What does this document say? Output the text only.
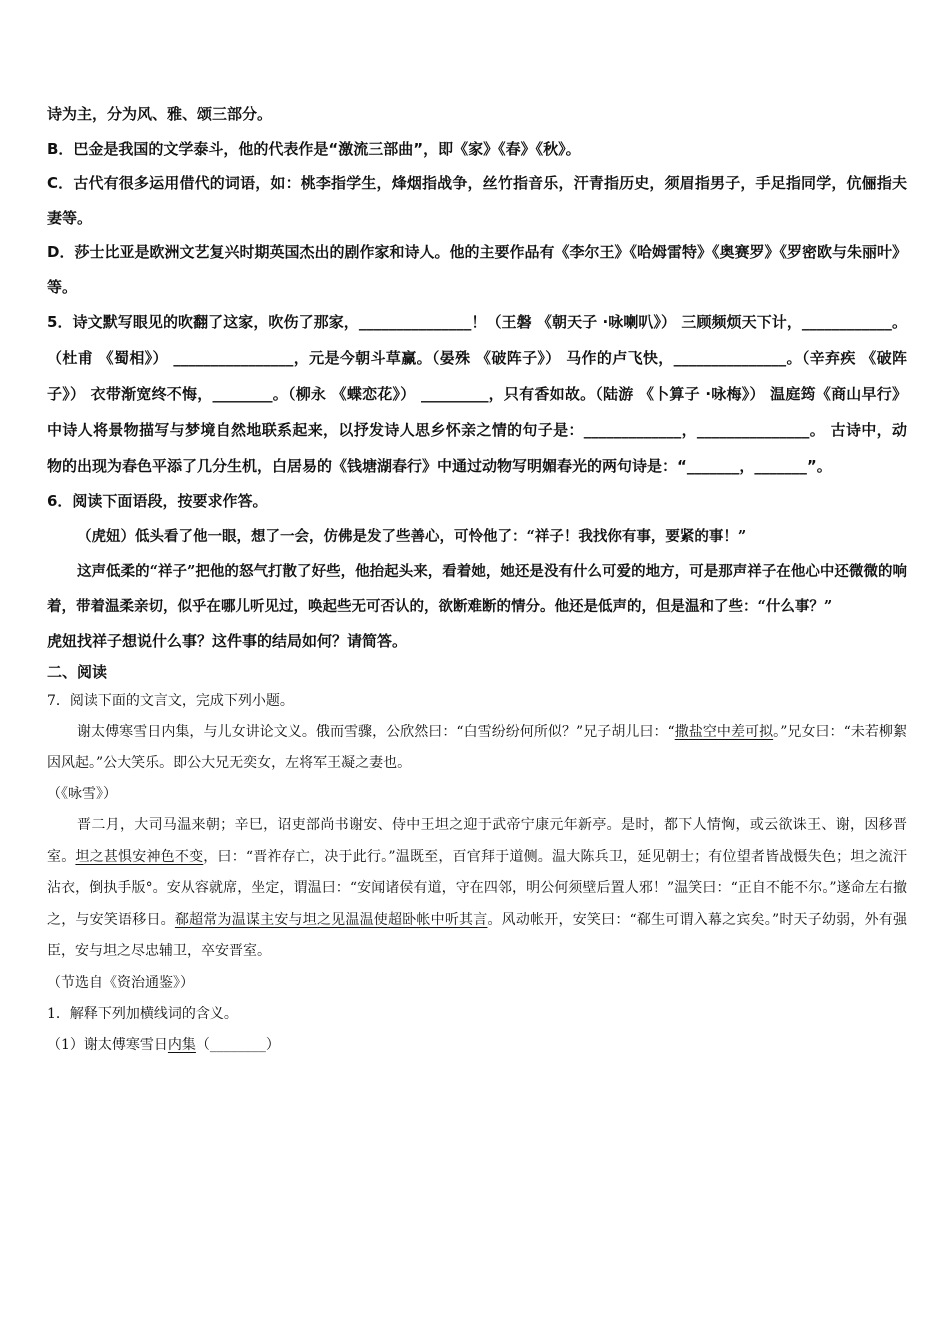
诗为主，分为风、雅、颂三部分。

B．巴金是我国的文学泰斗，他的代表作是“激流三部曲”，即《家》《春》《秋》。

C．古代有很多运用借代的词语，如：桃李指学生，烽烟指战争，丝竹指音乐，汗青指历史，须眉指男子，手足指同学，伉俪指夫妻等。

D．莎士比亚是欧洲文艺复兴时期英国杰出的剧作家和诗人。他的主要作品有《李尔王》《哈姆雷特》《奥赛罗》《罗密欧与朱丽叶》等。

5．诗文默写眼见的吹翻了这家，吹伤了那家，_______________！（王磐 《朝天子 ·咏喇叭》） 三顾频烦天下计，____________。（杜甫 《蜀相》） ________________，元是今朝斗草赢。（晏殊 《破阵子》） 马作的卢飞快，_______________。（辛弃疾 《破阵子》） 衣带渐宽终不悔，________。（柳永 《蝶恋花》） _________，只有香如故。（陆游 《卜算子 ·咏梅》） 温庭筠《商山早行》中诗人将景物描写与梦境自然地联系起来，以抒发诗人思乡怀亲之情的句子是：_____________，_______________。 古诗中，动物的出现为春色平添了几分生机，白居易的《钱塘湖春行》中通过动物写明媚春光的两句诗是：“_______，_______”。

6．阅读下面语段，按要求作答。

（虎妞）低头看了他一眼，想了一会，仿佛是发了些善心，可怜他了：“祥子！我找你有事，要紧的事！”

这声低柔的“祥子”把他的怒气打散了好些，他抬起头来，看着她，她还是没有什么可爱的地方，可是那声祥子在他心中还微微的响着，带着温柔亲切，似乎在哪儿听见过，唤起些无可否认的，欲断难断的情分。他还是低声的，但是温和了些：“什么事？”

虎妞找祥子想说什么事？这件事的结局如何？请简答。

二、阅读

7．阅读下面的文言文，完成下列小题。

谢太傅寒雪日内集，与儿女讲论文义。俄而雪骤，公欣然曰：“白雪纷纷何所似？”兄子胡儿曰：“撒盐空中差可拟。”兄女曰：“未若柳絮因风起。”公大笑乐。即公大兄无奕女，左将军王凝之妻也。

（《咏雪》）

晋二月，大司马温来朝；辛巳，诏吏部尚书谢安、侍中王坦之迎于武帝宁康元年新亭。是时，都下人情恟，或云欲诛王、谢，因移晋室。坦之甚惧安神色不变，曰：“晋祚存亡，决于此行。”温既至，百官拜于道侧。温大陈兵卫，延见朝士；有位望者皆战慑失色；坦之流汗沾衣，倒执手版°。安从容就席，坐定，谓温曰：“安闻诸侯有道，守在四邻，明公何须壁后置人邪！”温笑曰：“正自不能不尔。”遂命左右撤之，与安笑语移日。郗超常为温谋主安与坦之见温温使超卧帐中听其言。风动帐开，安笑曰：“郗生可谓入幕之宾矣。”时天子幼弱，外有强臣，安与坦之尽忠辅卫，卒安晋室。

（节选自《资治通鉴》）

1．解释下列加横线词的含义。

（1）谢太傅寒雪日内集（________）
